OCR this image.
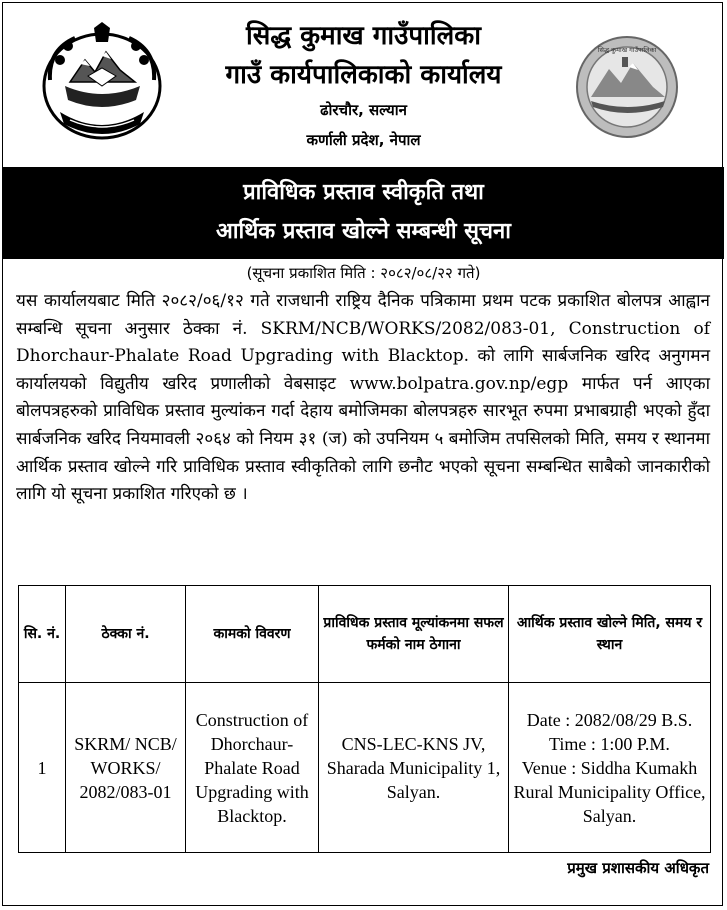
सिद्ध कुमाख गाउँपालिका
गाउँ कार्यपालिकाको कार्यालय
ढोरचौर, सल्यान
कर्णाली प्रदेश, नेपाल
सिद्ध कुमाख गाउँपालिका
प्राविधिक प्रस्ताव स्वीकृति तथा
आर्थिक प्रस्ताव खोल्ने सम्बन्धी सूचना
(सूचना प्रकाशित मिति : २०८२/०८/२२ गते)
यस कार्यालयबाट मिति २०८२/०६/१२ गते राजधानी राष्ट्रिय दैनिक पत्रिकामा प्रथम पटक प्रकाशित बोलपत्र आह्वान सम्बन्धि सूचना अनुसार ठेक्का नं. SKRM/NCB/WORKS/2082/083-01, Construction of Dhorchaur-Phalate Road Upgrading with Blacktop. को लागि सार्बजनिक खरिद अनुगमन कार्यालयको विद्युतीय खरिद प्रणालीको वेबसाइट www.bolpatra.gov.np/egp मार्फत पर्न आएका बोलपत्रहरुको प्राविधिक प्रस्ताव मुल्यांकन गर्दा देहाय बमोजिमका बोलपत्रहरु सारभूत रुपमा प्रभाबग्राही भएको हुँदा सार्बजनिक खरिद नियमावली २०६४ को नियम ३१ (ज) को उपनियम ५ बमोजिम तपसिलको मिति, समय र स्थानमा आर्थिक प्रस्ताव खोल्ने गरि प्राविधिक प्रस्ताव स्वीकृतिको लागि छनौट भएको सूचना सम्बन्धित साबैको जानकारीको लागि यो सूचना प्रकाशित गरिएको छ ।
सि. नं.	ठेक्का नं.	कामको विवरण	प्राविधिक प्रस्ताव मूल्यांकनमा सफल फर्मको नाम ठेगाना	आर्थिक प्रस्ताव खोल्ने मिति, समय र स्थान
1	SKRM/ NCB/ WORKS/ 2082/083-01	Construction of Dhorchaur-Phalate Road Upgrading with Blacktop.	CNS-LEC-KNS JV, Sharada Municipality 1, Salyan.	Date : 2082/08/29 B.S.
Time : 1:00 P.M.
Venue : Siddha Kumakh Rural Municipality Office, Salyan.
प्रमुख प्रशासकीय अधिकृत
